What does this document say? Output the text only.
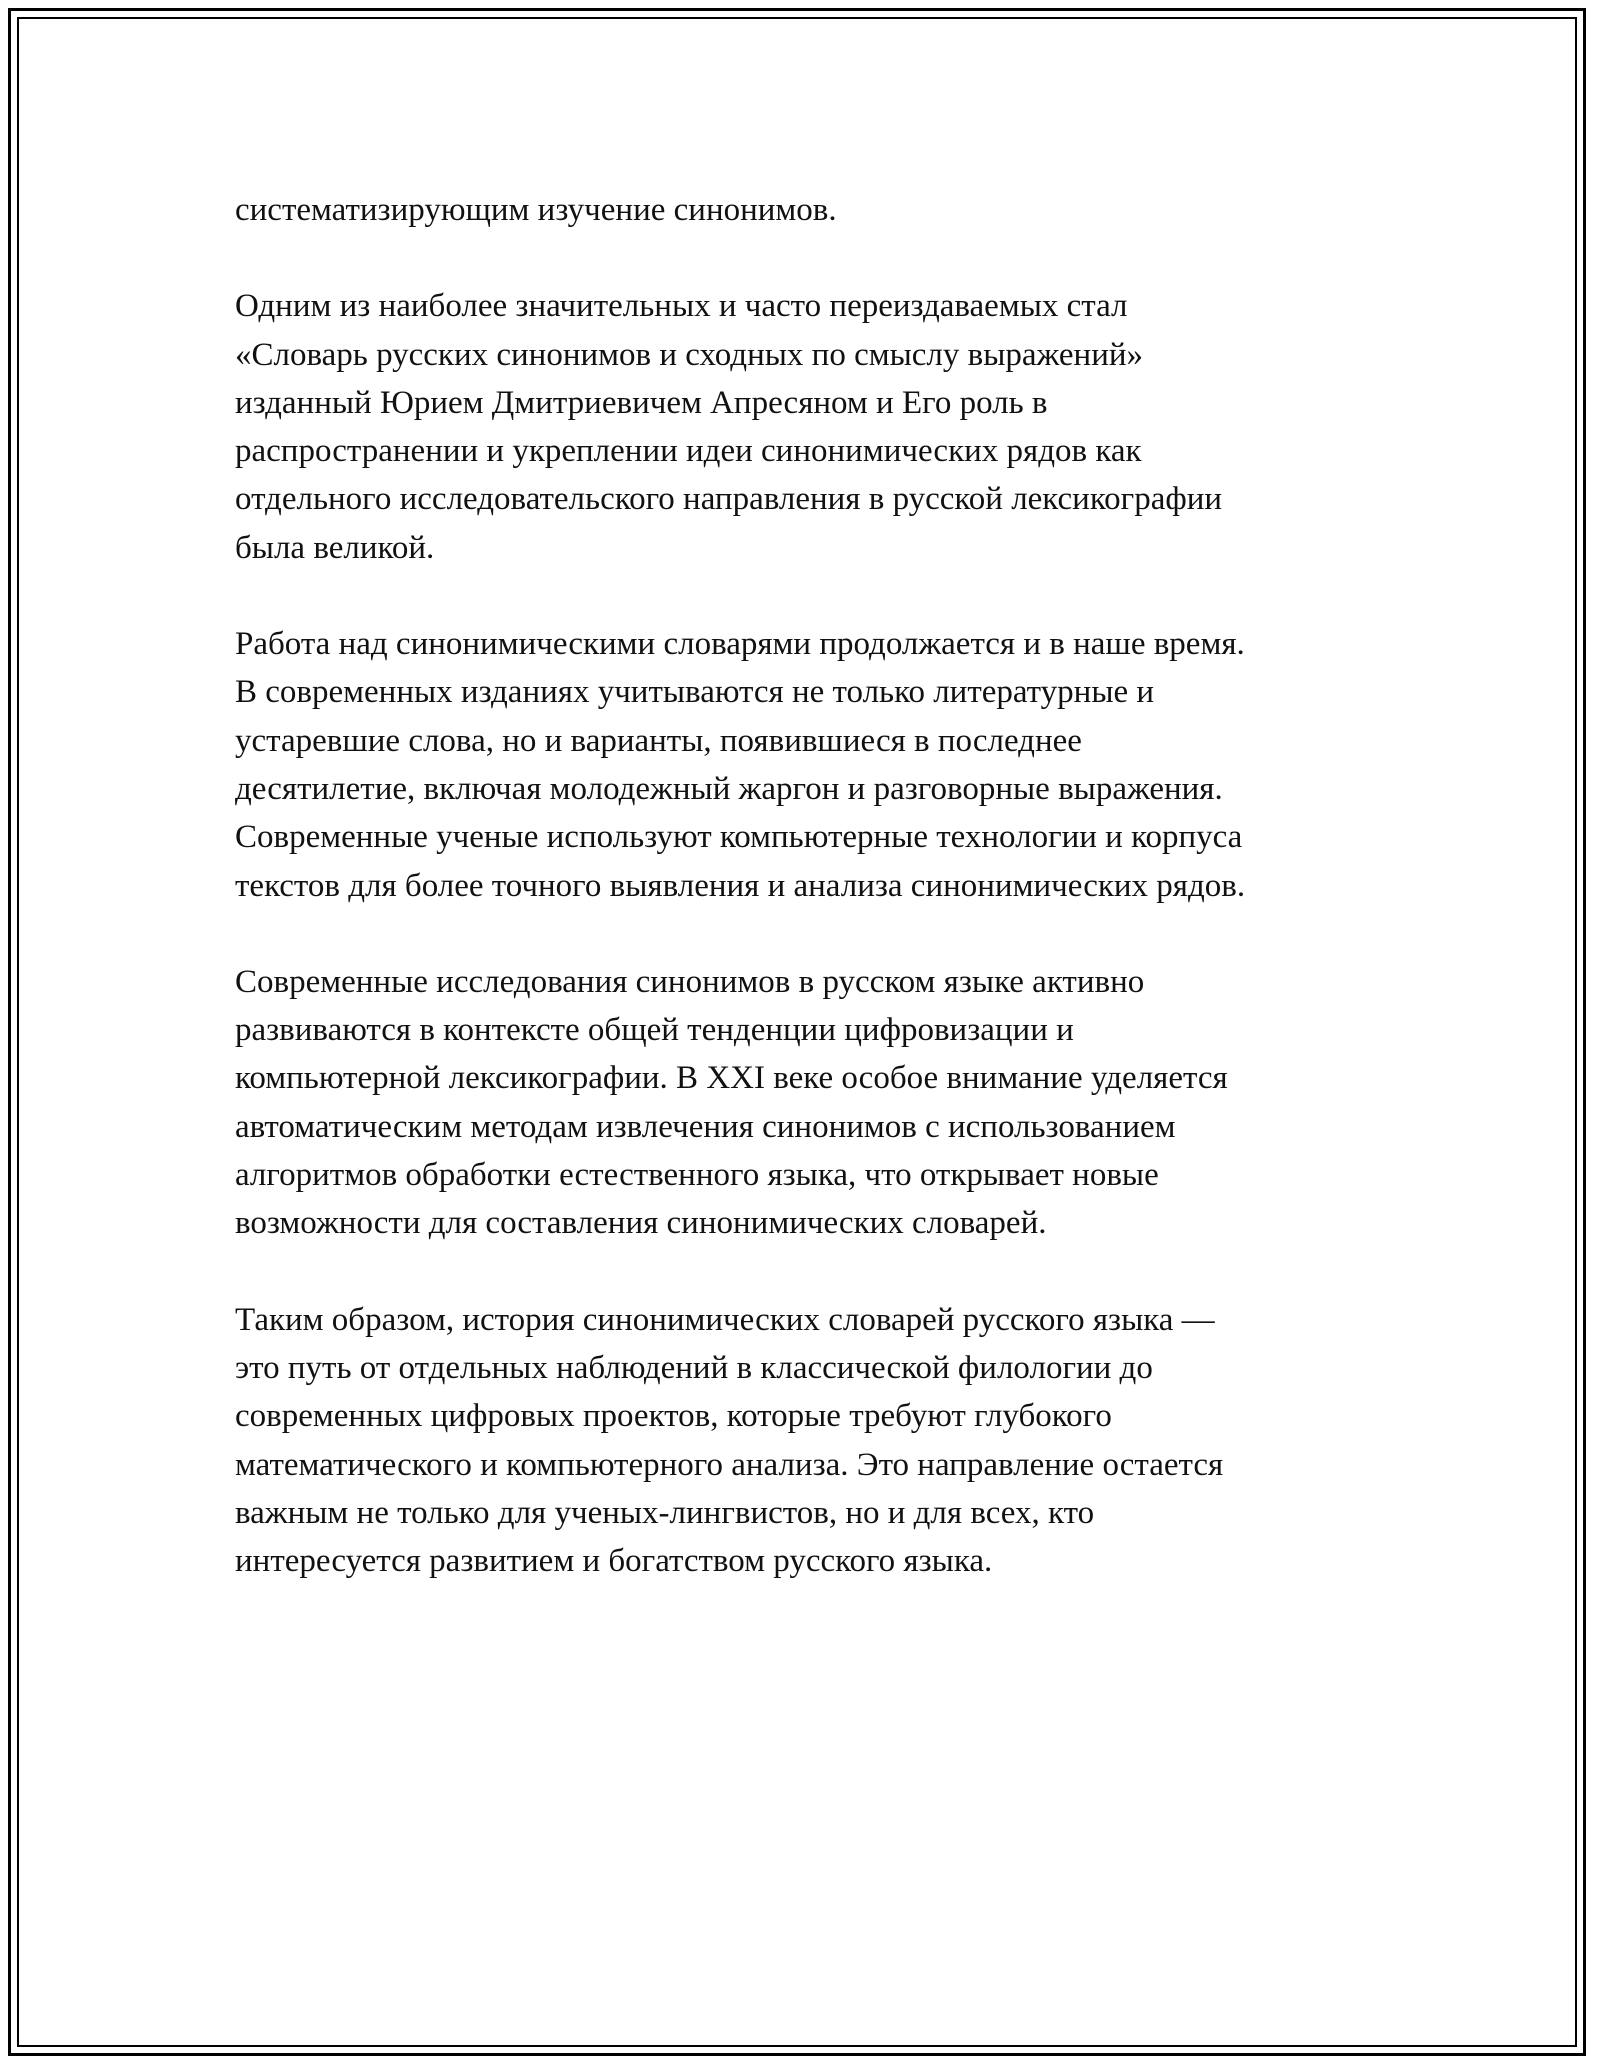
систематизирующим изучение синонимов.

Одним из наиболее значительных и часто переиздаваемых стал
«Словарь русских синонимов и сходных по смыслу выражений»
изданный Юрием Дмитриевичем Апресяном и Его роль в
распространении и укреплении идеи синонимических рядов как
отдельного исследовательского направления в русской лексикографии
была великой.

Работа над синонимическими словарями продолжается и в наше время.
В современных изданиях учитываются не только литературные и
устаревшие слова, но и варианты, появившиеся в последнее
десятилетие, включая молодежный жаргон и разговорные выражения.
Современные ученые используют компьютерные технологии и корпуса
текстов для более точного выявления и анализа синонимических рядов.

Современные исследования синонимов в русском языке активно
развиваются в контексте общей тенденции цифровизации и
компьютерной лексикографии. В XXI веке особое внимание уделяется
автоматическим методам извлечения синонимов с использованием
алгоритмов обработки естественного языка, что открывает новые
возможности для составления синонимических словарей.

Таким образом, история синонимических словарей русского языка —
это путь от отдельных наблюдений в классической филологии до
современных цифровых проектов, которые требуют глубокого
математического и компьютерного анализа. Это направление остается
важным не только для ученых-лингвистов, но и для всех, кто
интересуется развитием и богатством русского языка.
